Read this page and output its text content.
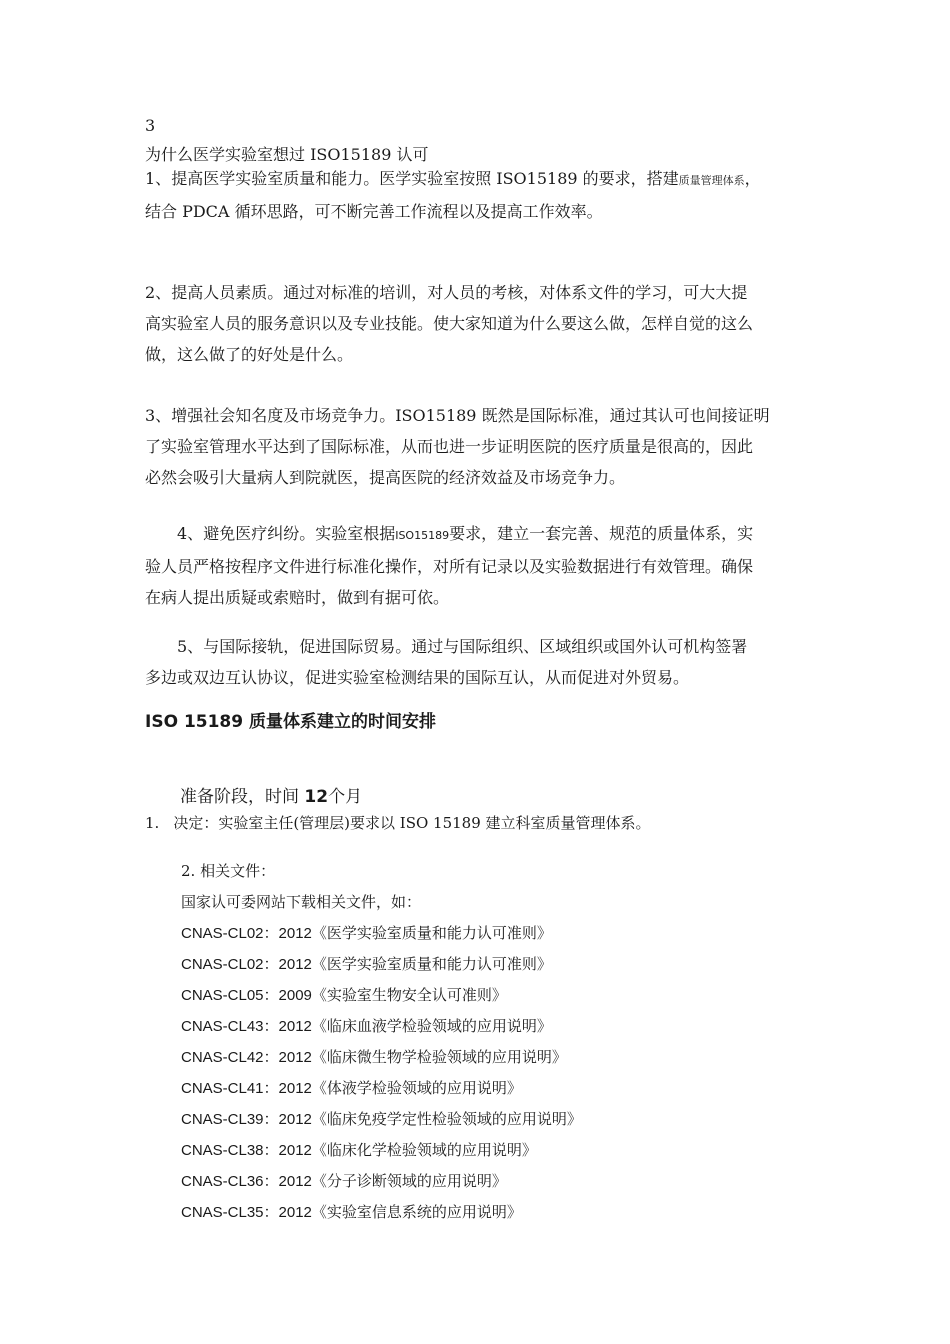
3
为什么医学实验室想过 ISO15189 认可
1、提高医学实验室质量和能力。医学实验室按照 ISO15189 的要求，搭建质量管理体系，
结合 PDCA 循环思路，可不断完善工作流程以及提高工作效率。
2、提高人员素质。通过对标准的培训，对人员的考核，对体系文件的学习，可大大提
高实验室人员的服务意识以及专业技能。使大家知道为什么要这么做，怎样自觉的这么
做，这么做了的好处是什么。
3、增强社会知名度及市场竞争力。ISO15189 既然是国际标准，通过其认可也间接证明
了实验室管理水平达到了国际标准，从而也进一步证明医院的医疗质量是很高的，因此
必然会吸引大量病人到院就医，提高医院的经济效益及市场竞争力。
4、避免医疗纠纷。实验室根据ISO15189要求，建立一套完善、规范的质量体系，实
验人员严格按程序文件进行标准化操作，对所有记录以及实验数据进行有效管理。确保
在病人提出质疑或索赔时，做到有据可依。
5、与国际接轨，促进国际贸易。通过与国际组织、区域组织或国外认可机构签署
多边或双边互认协议，促进实验室检测结果的国际互认，从而促进对外贸易。
ISO 15189 质量体系建立的时间安排
准备阶段，时间 12个月
1. 决定：实验室主任(管理层)要求以 ISO 15189 建立科室质量管理体系。
2. 相关文件：
国家认可委网站下载相关文件，如：
CNAS-CL02：2012《医学实验室质量和能力认可准则》
CNAS-CL02：2012《医学实验室质量和能力认可准则》
CNAS-CL05：2009《实验室生物安全认可准则》
CNAS-CL43：2012《临床血液学检验领域的应用说明》
CNAS-CL42：2012《临床微生物学检验领域的应用说明》
CNAS-CL41：2012《体液学检验领域的应用说明》
CNAS-CL39：2012《临床免疫学定性检验领域的应用说明》
CNAS-CL38：2012《临床化学检验领域的应用说明》
CNAS-CL36：2012《分子诊断领域的应用说明》
CNAS-CL35：2012《实验室信息系统的应用说明》
